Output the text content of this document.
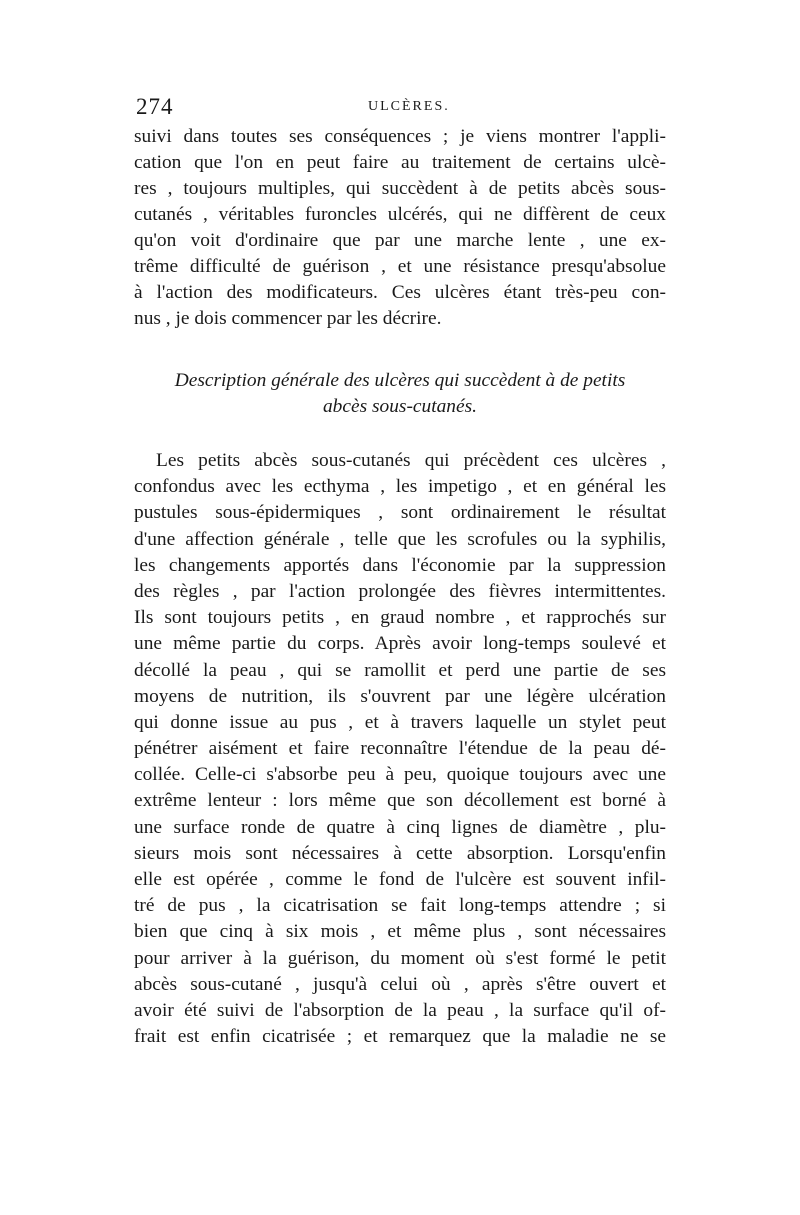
274	ULCÈRES.
suivi dans toutes ses conséquences ; je viens montrer l'appli-
cation que l'on en peut faire au traitement de certains ulcè-
res , toujours multiples, qui succèdent à de petits abcès sous-
cutanés , véritables furoncles ulcérés, qui ne diffèrent de ceux
qu'on voit d'ordinaire que par une marche lente , une ex-
trême difficulté de guérison , et une résistance presqu'absolue
à l'action des modificateurs. Ces ulcères étant très-peu con-
nus , je dois commencer par les décrire.
Description générale des ulcères qui succèdent à de petits
abcès sous-cutanés.
Les petits abcès sous-cutanés qui précèdent ces ulcères ,
confondus avec les ecthyma , les impetigo , et en général les
pustules sous-épidermiques , sont ordinairement le résultat
d'une affection générale , telle que les scrofules ou la syphilis,
les changements apportés dans l'économie par la suppression
des règles , par l'action prolongée des fièvres intermittentes.
Ils sont toujours petits , en graud nombre , et rapprochés sur
une même partie du corps. Après avoir long-temps soulevé et
décollé la peau , qui se ramollit et perd une partie de ses
moyens de nutrition, ils s'ouvrent par une légère ulcération
qui donne issue au pus , et à travers laquelle un stylet peut
pénétrer aisément et faire reconnaître l'étendue de la peau dé-
collée. Celle-ci s'absorbe peu à peu, quoique toujours avec une
extrême lenteur : lors même que son décollement est borné à
une surface ronde de quatre à cinq lignes de diamètre , plu-
sieurs mois sont nécessaires à cette absorption. Lorsqu'enfin
elle est opérée , comme le fond de l'ulcère est souvent infil-
tré de pus , la cicatrisation se fait long-temps attendre ; si
bien que cinq à six mois , et même plus , sont nécessaires
pour arriver à la guérison, du moment où s'est formé le petit
abcès sous-cutané , jusqu'à celui où , après s'être ouvert et
avoir été suivi de l'absorption de la peau , la surface qu'il of-
frait est enfin cicatrisée ; et remarquez que la maladie ne se
